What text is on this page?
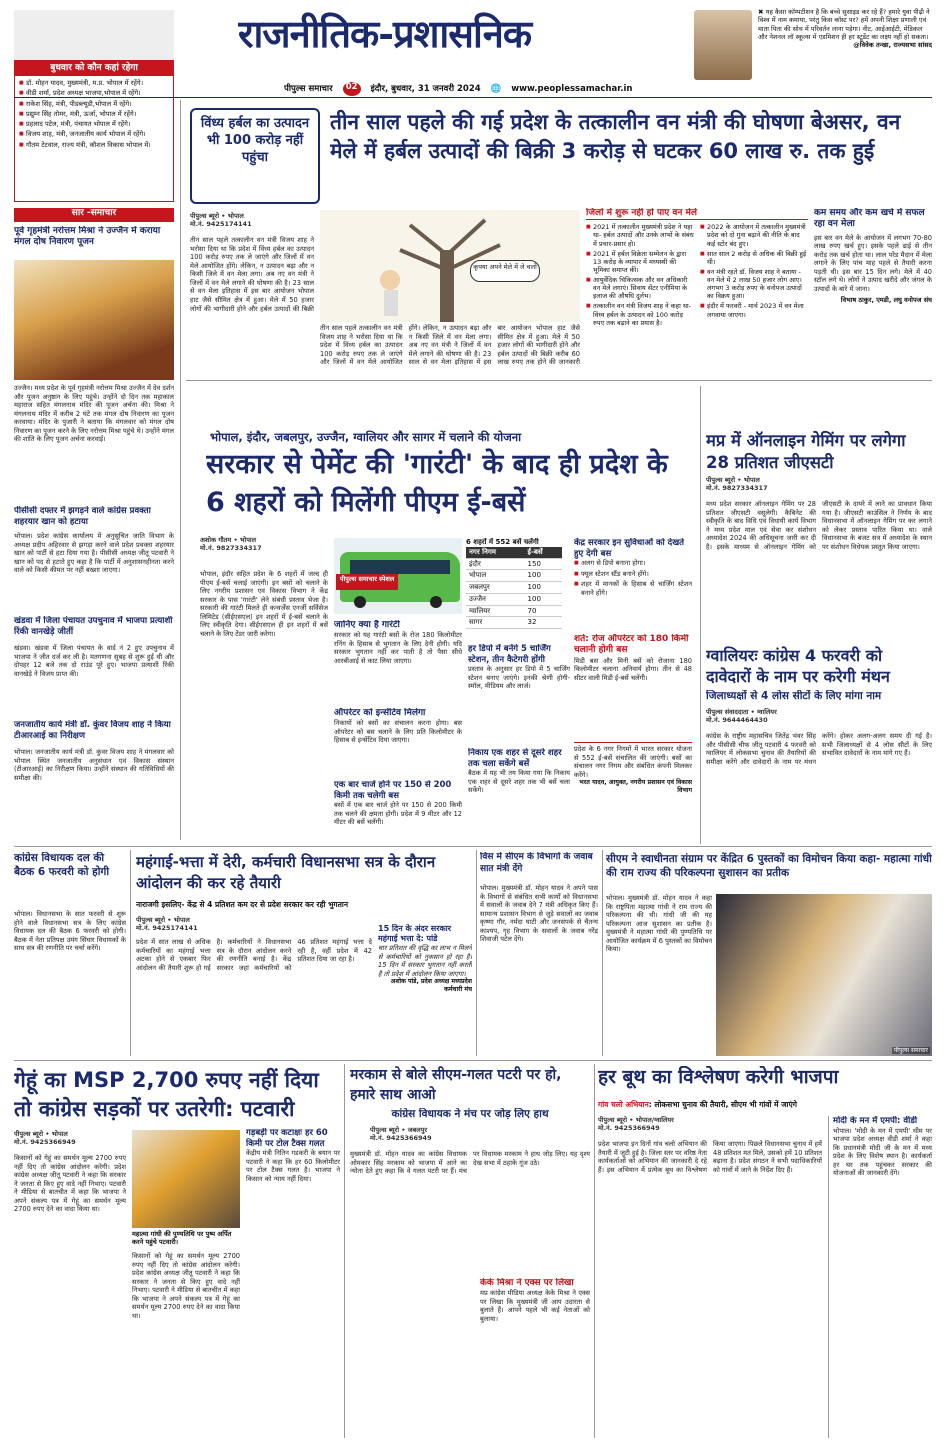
राजनीतिक-प्रशासनिक
पीपुल्स समाचार	02	इंदौर, बुधवार, 31 जनवरी 2024 🌐 www.peoplessamachar.in
✖ यह कैसा कॉम्पटीशन है कि बच्चे सुसाइड कर रहे हैं? हमारे युवा पीढ़ी ने विश्व में नाम कमाया, परंतु किस कॉस्ट पर? हमें अपनी शिक्षा प्रणाली एवं माता पिता की सोच में परिवर्तन लाना पड़ेगा। नीट, आईआईटी, मेडिकल और नेशनल लॉ स्कूल्स में एडमिशन ही हर स्टूडेंट का लक्ष्य नहीं हो सकता।
@विवेक तन्खा, राज्यसभा सांसद
बुधवार को कौन कहां रहेगा
■ डॉ. मोहन यादव, मुख्यमंत्री, म.प्र. भोपाल में रहेंगे।
■ वीडी शर्मा, प्रदेश अध्यक्ष भाजपा,भोपाल में रहेंगे।
■ राकेश सिंह, मंत्री, पीडब्ल्यूडी,भोपाल में रहेंगे।
■ प्रद्युम्न सिंह तोमर, मंत्री, ऊर्जा, भोपाल में रहेंगे।
■ प्रहलाद पटेल, मंत्री, पंचायत भोपाल में रहेंगे।
■ विजय शाह, मंत्री, जनजातीय कार्य भोपाल में रहेंगे।
■ गौतम टेटवाल, राज्य मंत्री, कौशल विकास भोपाल में।
सार -समाचार
पूर्व गृहमंत्री नरोत्तम मिश्रा ने उज्जैन में कराया मंगल दोष निवारण पूजन
उज्जैन। मध्य प्रदेश के पूर्व गृहमंत्री नरोत्तम मिश्रा उज्जैन में देव दर्शन और पूजन अनुष्ठान के लिए पहुंचे। उन्होंने दो दिन तक महाकाल महाराज सहित मंगलनाथ मंदिर की पूजन अर्चना की। मिश्रा ने मंगलनाथ मंदिर में करीब 2 घंटे तक मंगल दोष निवारण का पूजन करवाया। मंदिर के पुजारी ने बताया कि मंगलवार को मंगल दोष निवारण का पूजन करने के लिए नरोत्तम मिश्रा पहुंचे थे। उन्होंने मंगल की शांति के लिए पूजन अर्चना करवाई।
पीसीसी दफ्तर में झगड़ने वाले कांग्रेस प्रवक्ता शहरयार खान को हटाया
भोपाल। प्रदेश कांग्रेस कार्यालय में अनुसूचित जाति विभाग के अध्यक्ष प्रदीप अहिरवार से झगड़ा करने वाले प्रदेश प्रवक्ता शहरयार खान को पार्टी से हटा दिया गया है। पीसीसी अध्यक्ष जीतू पटवारी ने खान को पद से हटाते हुए कहा है कि पार्टी में अनुशासनहीनता करने वाले को किसी कीमत पर नहीं बख्शा जाएगा।
खंडवा में जिला पंचायत उपचुनाव में भाजपा प्रत्याशी रिंकी वानखेड़े जीतीं
खंडवा। खंडवा में जिला पंचायत के वार्ड नं 2 हुए उपचुनाव में भाजपा ने जीत दर्ज कर ली है। मतगणना सुबह से शुरू हुई थी और दोपहर 12 बजे तक दो राउंड पूरे हुए। भाजपा प्रत्याशी रिंकी वानखेड़े ने विजय प्राप्त की।
जनजातीय कार्य मंत्री डॉ. कुंवर विजय शाह ने किया टीआरआई का निरीक्षण
भोपाल। जनजातीय कार्य मंत्री डॉ. कुंवर विजय शाह ने मंगलवार को भोपाल स्थित जनजातीय अनुसंधान एवं विकास संस्थान (टीआरआई) का निरीक्षण किया। उन्होंने संस्थान की गतिविधियों की समीक्षा की।
विंध्य हर्बल का उत्पादन भी 100 करोड़ नहीं पहुंचा
तीन साल पहले की गई प्रदेश के तत्कालीन वन मंत्री की घोषणा बेअसर, वन मेले में हर्बल उत्पादों की बिक्री 3 करोड़ से घटकर 60 लाख रु. तक हुई
पीपुल्स ब्यूरो • भोपाल
मो.नं. 9425174141
तीन साल पहले तत्कालीन वन मंत्री विजय शाह ने भरोसा दिया था कि प्रदेश में विंध्य हर्बल का उत्पादन 100 करोड़ रुपए तक ले जाएंगे और जिलों में वन मेले आयोजित होंगे। लेकिन, न उत्पादन बढ़ा और न किसी जिले में वन मेला लगा। अब नए वन मंत्री ने जिलों में वन मेले लगाने की घोषणा की है। 23 साल से वन मेला इतिहास में इस बार आयोजन भोपाल हाट जैसे सीमित क्षेत्र में हुआ। मेले में 50 हजार लोगों की भागीदारी होने और हर्बल उत्पादों की बिक्री
कृपया अपने मेले में ले चलो
तीन साल पहले तत्कालीन वन मंत्री विजय शाह ने भरोसा दिया था कि प्रदेश में विंध्य हर्बल का उत्पादन 100 करोड़ रुपए तक ले जाएंगे और जिलों में वन मेले आयोजित होंगे। लेकिन, न उत्पादन बढ़ा और न किसी जिले में वन मेला लगा। अब नए वन मंत्री ने जिलों में वन मेले लगाने की घोषणा की है। 23 साल से वन मेला इतिहास में इस बार आयोजन भोपाल हाट जैसे सीमित क्षेत्र में हुआ। मेले में 50 हजार लोगों की भागीदारी होने और हर्बल उत्पादों की बिक्री करीब 60 लाख रुपए तक होने की जानकारी
जिलों में शुरू नहीं हो पाए वन मेले
■ 2021 में तत्कालीन मुख्यमंत्री प्रदेश ने यहा था- हर्बल उत्पादों और उनके लाभों के संबंध में प्रचार-प्रसार हो।
■ 2021 में हर्बल विक्रेता सम्मेलन के द्वारा 13 करोड़ के व्यापार में मध्यस्थी की भूमिका समाप्त की।
■ आयुर्वेदिक चिकित्सक और वन अधिकारी वन मेले लगाएं। सिवाय सेंटर एनीमिया के इलाज की औषधि दुर्लभ।
■ तत्कालीन वन मंत्री विजय शाह ने कहा था- विंध्य हर्बल के उत्पादन को 100 करोड़ रुपए तक बढ़ाने का प्रयास है।
■ 2022 के आयोजन में तत्कालीन मुख्यमंत्री प्रदेश को दो गुना बढ़ाने की नीति के बाद कई स्टोर बंद हुए।
■ सात साल 2 करोड़ से अधिक की बिक्री हुई थी।
■ वन मंत्री रहते डॉ. विजय शाह ने बताया - वन मेले में 2 लाख 50 हजार लोग आए। लगभग 3 करोड़ रुपए के वनोपज उत्पादों का विक्रय हुआ।
■ इंदौर में फरवरी - मार्च 2023 में वन मेला लगवाया जाएगा।
कम समय और कम खर्च में सफल रहा वन मेला
इस बार वन मेले के आयोजन में लगभग 70-80 लाख रुपए खर्च हुए। इसके पहले ढाई से तीन करोड़ तक खर्च होता था। लाल परेड मैदान में मेला लगाने के लिए पांच माह पहले से तैयारी करना पड़ती थी। इस बार 15 दिन लगे। मेले में 40 स्टॉल लगे थे। लोगों ने उत्पाद खरीदे और जंगल के उत्पादों के बारे में जाना।
विभाष ठाकुर, एमडी, लघु वनोपज संघ
भोपाल, इंदौर, जबलपुर, उज्जैन, ग्वालियर और सागर में चलाने की योजना
सरकार से पेमेंट की 'गारंटी' के बाद ही प्रदेश के 6 शहरों को मिलेंगी पीएम ई-बसें
अशोक गौतम • भोपाल
मो.नं. 9827334317
भोपाल, इंदौर सहित प्रदेश के 6 शहरों में जल्द ही पीएम ई-बसें चलाई जाएंगी। इन बसों को चलाने के लिए नगरीय प्रशासन एवं विकास विभाग ने केंद्र सरकार के पास 'गारंटी' लेने संबंधी प्रस्ताव भेजा है। सरकारी की गारंटी मिलते ही कन्वर्जेंस एनर्जी सर्विसेज लिमिटेड (सीईएसएल) इन शहरों में ई-बसें चलाने के लिए स्वीकृति देगा। सीईएसएल ही इन शहरों में बसें चलाने के लिए टेंडर जारी करेगा।
पीपुल्स समाचार स्पेशल
6 शहरों में 552 बसें चलेंगी
नगर निगम	ई-बसें
इंदौर	150
भोपाल	100
जबलपुर	100
उज्जैन	100
ग्वालियर	70
सागर	32
जानिए क्या है गारंटी
सरकार को यह गारंटी बसों के रोज 180 किलोमीटर रनिंग के हिसाब से भुगतान के लिए देनी होगी। यदि सरकार भुगतान नहीं कर पाती है तो पैसा सीधे आरबीआई से काट लिया जाएगा।
ऑपरेटर को इन्सेंटिव मिलेगा
निकायों को बसों का संचालन करना होगा। बस ऑपरेटर को बस चलाने के लिए प्रति किलोमीटर के हिसाब से इन्सेंटिव दिया जाएगा।
एक बार चार्ज होने पर 150 से 200 किमी तक चलेगी बस
बसों में एक बार चार्ज होने पर 150 से 200 किमी तक चलने की क्षमता होगी। प्रदेश में 9 मीटर और 12 मीटर की बसें चलेंगी।
हर डिपो में बनेंगे 5 चार्जिंग स्टेशन, तीन कैटेगरी होंगी
प्रस्ताव के अनुसार हर डिपो में 5 चार्जिंग स्टेशन बनाए जाएंगे। इनकी श्रेणी होगी- स्मॉल, मीडियम और लार्ज।
निकाय एक शहर से दूसरे शहर तक चला सकेंगे बसें
बैठक में यह भी तय किया गया कि निकाय एक शहर से दूसरे शहर तक भी बसें चला सकेंगे।
केंद्र सरकार इन सुविधाओं को देखते हुए देगी बस
■ अलग से डिपो बनाना होगा।
■ फ्यूल स्टेशन स्टैंड बनाने होंगे।
■ शहर में मानकों के हिसाब से चार्जिंग स्टेशन बनाने होंगे।
शर्त: रोज ऑपरेटर को 180 किमी चलानी होगी बस
मिडी बस और मिनी बसें को रोजाना 180 किलोमीटर चलाना अनिवार्य होगा। तीन से 48 सीटर वाली मिडी ई-बसें चलेंगी।
प्रदेश के 6 नगर निगमों में भारत सरकार योजना से 552 ई-बसें संचालित की जाएंगी। बसों का संचालन नगर निगम और संबंधित कंपनी मिलकर करेंगे।
भरत यादव, आयुक्त, नगरीय प्रशासन एवं विकास विभाग
मप्र में ऑनलाइन गेमिंग पर लगेगा 28 प्रतिशत जीएसटी
पीपुल्स ब्यूरो • भोपाल
मो.नं. 9827334317
मध्य प्रदेश सरकार ऑनलाइन गेमिंग पर 28 प्रतिशत जीएसटी वसूलेगी। कैबिनेट की स्वीकृति के बाद विधि एवं विधायी कार्य विभाग ने मध्य प्रदेश माल एवं सेवा कर संशोधन अध्यादेश 2024 की अधिसूचना जारी कर दी है। इसके माध्यम से ऑनलाइन गेमिंग को जीएसटी के दायरे में लाने का प्रावधान किया गया है। जीएसटी काउंसिल ने निर्णय के बाद विधानसभा में ऑनलाइन गेमिंग पर कर लगाने को लेकर प्रस्ताव पारित किया था। वाले विधानसभा के बजट सत्र में अध्यादेश के स्थान पर संशोधन विधेयक प्रस्तुत किया जाएगा।
ग्वालियरः कांग्रेस 4 फरवरी को दावेदारों के नाम पर करेगी मंथन
जिलाध्यक्षों से 4 लोस सीटों के लिए मांगा नाम
पीपुल्स संवाददाता • ग्वालियर
मो.नं. 9644464430
कांग्रेस के राष्ट्रीय महासचिव जितेंद्र भंवर सिंह और पीसीसी चीफ जीतू पटवारी 4 फरवरी को ग्वालियर में लोकसभा चुनाव की तैयारियों की समीक्षा करेंगे और दावेदारों के नाम पर मंथन करेंगे। होकर अलग-अलग समय दी गई है। सभी जिलाध्यक्षों से 4 लोस सीटों के लिए संभावित दावेदारों के नाम मांगे गए हैं।
कांग्रेस विधायक दल की बैठक 6 फरवरी को होगी
भोपाल। विधानसभा के सात फरवरी से शुरू होने वाले विधानसभा सत्र के लिए कांग्रेस विधायक दल की बैठक 6 फरवरी को होगी। बैठक में नेता प्रतिपक्ष उमंग सिंघार विधायकों के साथ सत्र की रणनीति पर चर्चा करेंगे।
महंगाई-भत्ता में देरी, कर्मचारी विधानसभा सत्र के दौरान आंदोलन की कर रहे तैयारी
नाराजगी इसलिए- केंद्र से 4 प्रतिशत कम दर से प्रदेश सरकार कर रही भुगतान
पीपुल्स ब्यूरो • भोपाल
मो.नं. 9425174141
प्रदेश में सात लाख से अधिक कर्मचारियों का महंगाई भत्ता अटका होने से एकबार फिर आंदोलन की तैयारी शुरू हो गई है। कर्मचारियों ने विधानसभा सत्र के दौरान आंदोलन करने की रणनीति बनाई है। केंद्र सरकार जहां कर्मचारियों को 46 प्रतिशत महंगाई भत्ता दे रही है, वहीं प्रदेश में 42 प्रतिशत दिया जा रहा है।
15 दिन के अंदर सरकार महंगाई भत्ता दे: पांडे
चार प्रतिशत की वृद्धि का लाभ न मिलने से कर्मचारियों को नुकसान हो रहा है। 15 दिन में सरकार भुगतान नहीं करती है तो प्रदेश में आंदोलन किया जाएगा।
अशोक पांडे, प्रदेश अध्यक्ष मध्यप्रदेश कर्मचारी मंच
विस में सीएम के विभागों के जवाब सात मंत्री देंगे
भोपाल। मुख्यमंत्री डॉ. मोहन यादव ने अपने पास के विभागों से संबंधित सभी कार्यों को विधानसभा में सवालों के जवाब देने 7 मंत्री अधिकृत किए हैं। सामान्य प्रशासन विभाग से जुड़े सवालों का जवाब कृष्णा गौर, नर्मदा घाटी और जनसंपर्क से चैतन्य काश्यप, गृह विभाग के सवालों के जवाब नरेंद्र शिवाजी पटेल देंगे।
सीएम ने स्वाधीनता संग्राम पर केंद्रित 6 पुस्तकों का विमोचन किया कहा- महात्मा गांधी की राम राज्य की परिकल्पना सुशासन का प्रतीक
भोपाल। मुख्यमंत्री डॉ. मोहन यादव ने कहा कि राष्ट्रपिता महात्मा गांधी ने राम राज्य की परिकल्पना की थी। गांधी जी की यह परिकल्पना आज सुशासन का प्रतीक है। मुख्यमंत्री ने महात्मा गांधी की पुण्यतिथि पर आयोजित कार्यक्रम में 6 पुस्तकों का विमोचन किया।
पीपुल्स समाचार
गेहूं का MSP 2,700 रुपए नहीं दिया तो कांग्रेस सड़कों पर उतरेगी: पटवारी
पीपुल्स ब्यूरो • भोपाल
मो.नं. 9425366949
किसानों को गेहूं का समर्थन मूल्य 2700 रुपए नहीं दिए तो कांग्रेस आंदोलन करेगी। प्रदेश कांग्रेस अध्यक्ष जीतू पटवारी ने कहा कि सरकार ने जनता से किए हुए वादे नहीं निभाए। पटवारी ने मीडिया से बातचीत में कहा कि भाजपा ने अपने संकल्प पत्र में गेहूं का समर्थन मूल्य 2700 रुपए देने का वादा किया था।
महात्मा गांधी की पुण्यतिथि पर पुष्प अर्पित करने पहुंचे पटवारी।
किसानों को गेहूं का समर्थन मूल्य 2700 रुपए नहीं दिए तो कांग्रेस आंदोलन करेगी। प्रदेश कांग्रेस अध्यक्ष जीतू पटवारी ने कहा कि सरकार ने जनता से किए हुए वादे नहीं निभाए। पटवारी ने मीडिया से बातचीत में कहा कि भाजपा ने अपने संकल्प पत्र में गेहूं का समर्थन मूल्य 2700 रुपए देने का वादा किया था।
गड़बड़ी पर कटाक्षः हर 60 किमी पर टोल टैक्स गलत
केंद्रीय मंत्री नितिन गडकरी के बयान पर पटवारी ने कहा कि हर 60 किलोमीटर पर टोल टैक्स गलत है। भाजपा ने किसान को न्याय नहीं दिया।
मरकाम से बोले सीएम-गलत पटरी पर हो, हमारे साथ आओ
कांग्रेस विधायक ने मंच पर जोड़ लिए हाथ
पीपुल्स ब्यूरो • जबलपुर
मो.नं. 9425366949
मुख्यमंत्री डॉ. मोहन यादव का कांग्रेस विधायक ओमकार सिंह मरकाम को भाजपा में आने का न्योता देते हुए कहा कि वे गलत पटरी पर हैं। मंच पर विधायक मरकाम ने हाथ जोड़ लिए। यह दृश्य देख सभा में ठहाके गूंज उठे।
केके मिश्रा ने एक्स पर लिखा
मप्र कांग्रेस मीडिया अध्यक्ष केके मिश्रा ने एक्स पर लिखा कि मुख्यमंत्री जी आप उदारता से बुलाते हैं। आपने पहले भी कई नेताओं को बुलाया।
हर बूथ का विश्लेषण करेगी भाजपा
गांव चलो अभियान: लोकसभा चुनाव की तैयारी, सीएम भी गांवों में जाएंगे
पीपुल्स ब्यूरो • भोपाल/ग्वालियर
मो.नं. 9425366949
प्रदेश भाजपा इन दिनों गांव चलो अभियान की तैयारी में जुटी हुई है। जिला स्तर पर वरिष्ठ नेता कार्यकर्ताओं को अभियान की जानकारी दे रहे हैं। इस अभियान में प्रत्येक बूथ का विश्लेषण किया जाएगा। पिछले विधानसभा चुनाव में हमें 48 प्रतिशत मत मिले, उसको हमें 10 प्रतिशत बढ़ाना है। प्रदेश संगठन ने सभी पदाधिकारियों को गांवों में जाने के निर्देश दिए हैं।
मोदी के मन में एमपी: वीडी
भोपाल। 'मोदी के मन में एमपी' थीम पर भाजपा प्रदेश अध्यक्ष वीडी शर्मा ने कहा कि प्रधानमंत्री मोदी जी के मन में मध्य प्रदेश के लिए विशेष स्थान है। कार्यकर्ता हर घर तक पहुंचकर सरकार की योजनाओं की जानकारी देंगे।
